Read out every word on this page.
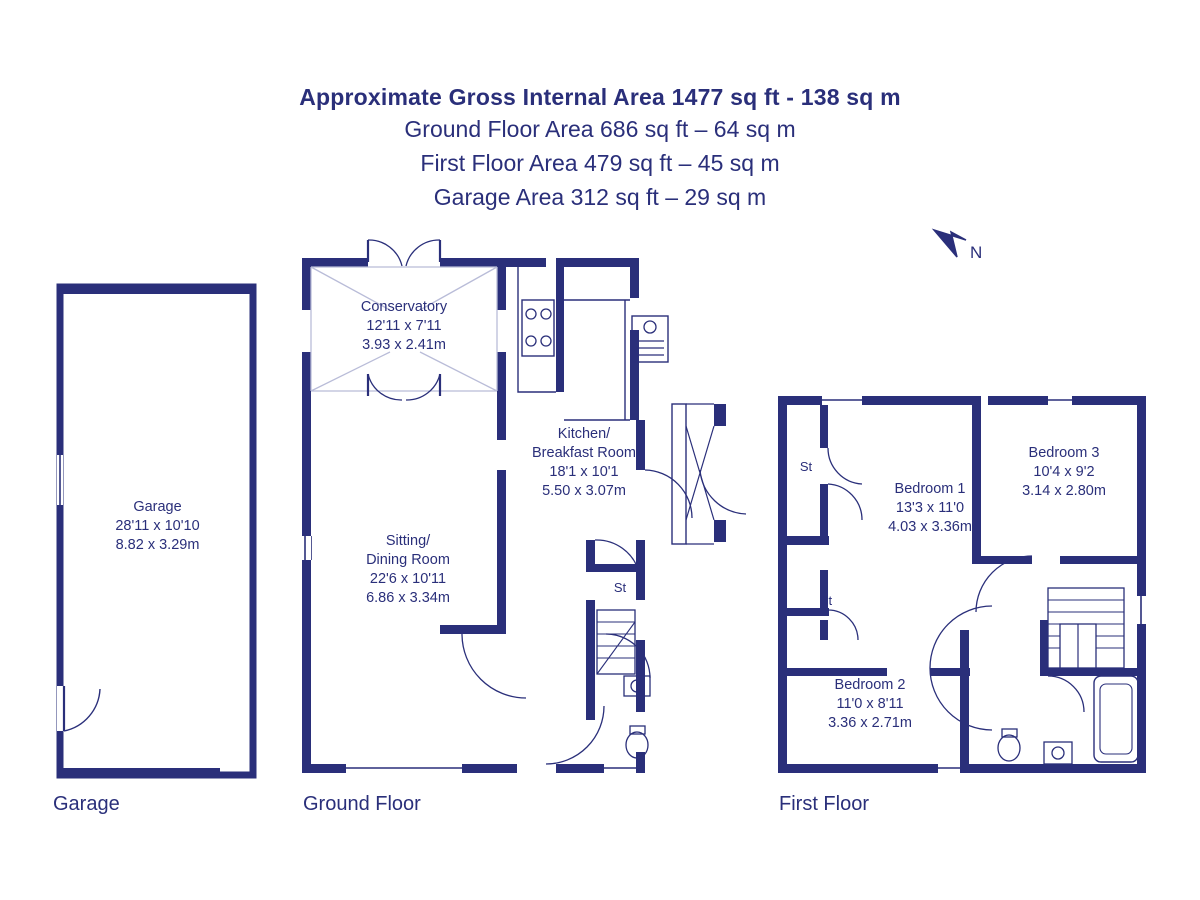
Approximate Gross Internal Area 1477 sq ft - 138 sq m
Ground Floor Area 686 sq ft – 64 sq m
First Floor Area 479 sq ft – 45 sq m
Garage Area 312 sq ft – 29 sq m
N
Garage
28'11 x 10'10
8.82 x 3.29m
Conservatory
12'11 x 7'11
3.93 x 2.41m
Kitchen/
Breakfast Room
18'1 x 10'1
5.50 x 3.07m
Sitting/
Dining Room
22'6 x 10'11
6.86 x 3.34m
St
Bedroom 1
13'3 x 11'0
4.03 x 3.36m
Bedroom 3
10'4 x 9'2
3.14 x 2.80m
Bedroom 2
11'0 x 8'11
3.36 x 2.71m
St
St
Garage	Ground Floor	First Floor
